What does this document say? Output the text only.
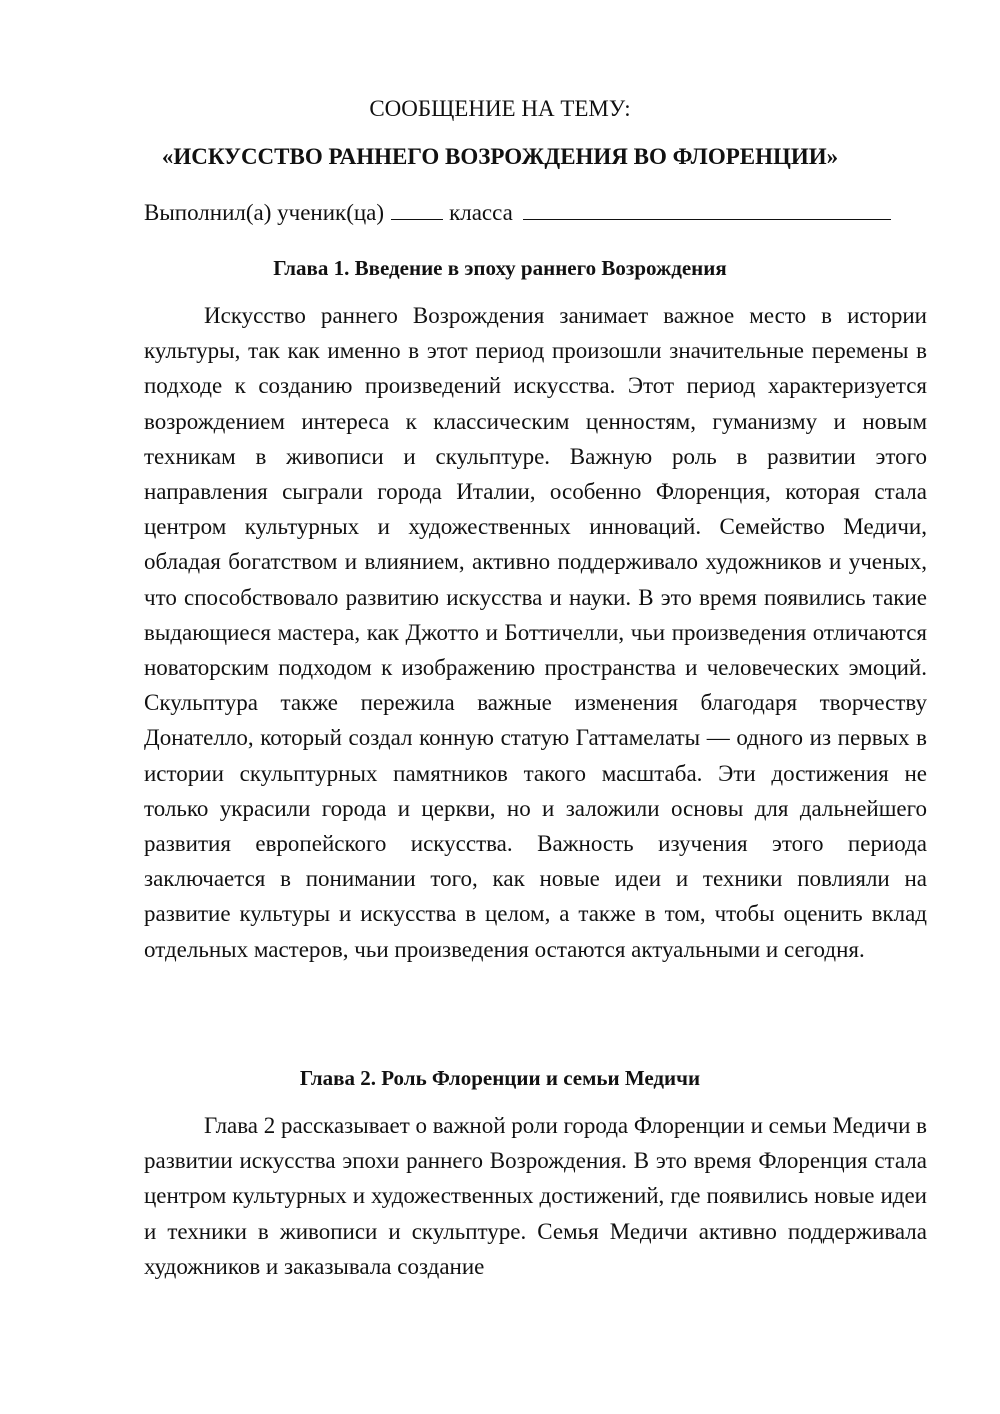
СООБЩЕНИЕ НА ТЕМУ:
«ИСКУССТВО РАННЕГО ВОЗРОЖДЕНИЯ ВО ФЛОРЕНЦИИ»
Выполнил(а) ученик(ца)	класса
Глава 1. Введение в эпоху раннего Возрождения

Искусство раннего Возрождения занимает важное место в истории культуры, так как именно в этот период произошли значительные перемены в подходе к созданию произведений искусства. Этот период характеризуется возрождением интереса к классическим ценностям, гуманизму и новым техникам в живописи и скульптуре. Важную роль в развитии этого направления сыграли города Италии, особенно Флоренция, которая стала центром культурных и художественных инноваций. Семейство Медичи, обладая богатством и влиянием, активно поддерживало художников и ученых, что способствовало развитию искусства и науки. В это время появились такие выдающиеся мастера, как Джотто и Боттичелли, чьи произведения отличаются новаторским подходом к изображению пространства и человеческих эмоций. Скульптура также пережила важные изменения благодаря творчеству Донателло, который создал конную статую Гаттамелаты — одного из первых в истории скульптурных памятников такого масштаба. Эти достижения не только украсили города и церкви, но и заложили основы для дальнейшего развития европейского искусства. Важность изучения этого периода заключается в понимании того, как новые идеи и техники повлияли на развитие культуры и искусства в целом, а также в том, чтобы оценить вклад отдельных мастеров, чьи произведения остаются актуальными и сегодня.

Глава 2. Роль Флоренции и семьи Медичи

Глава 2 рассказывает о важной роли города Флоренции и семьи Медичи в развитии искусства эпохи раннего Возрождения. В это время Флоренция стала центром культурных и художественных достижений, где появились новые идеи и техники в живописи и скульптуре. Семья Медичи активно поддерживала художников и заказывала создание
